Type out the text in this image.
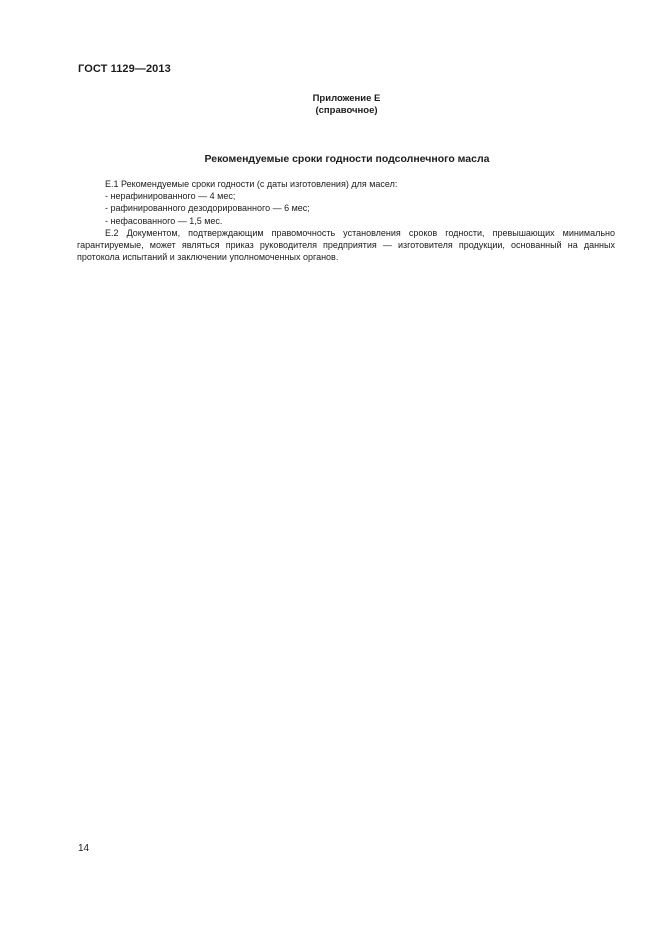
ГОСТ 1129—2013
Приложение Е
(справочное)
Рекомендуемые сроки годности подсолнечного масла

Е.1 Рекомендуемые сроки годности (с даты изготовления) для масел:

- нерафинированного — 4 мес;

- рафинированного дезодорированного — 6 мес;

- нефасованного — 1,5 мес.

Е.2 Документом, подтверждающим правомочность установления сроков годности, превышающих минимально гарантируемые, может являться приказ руководителя предприятия — изготовителя продукции, основанный на данных протокола испытаний и заключении уполномоченных органов.

14
